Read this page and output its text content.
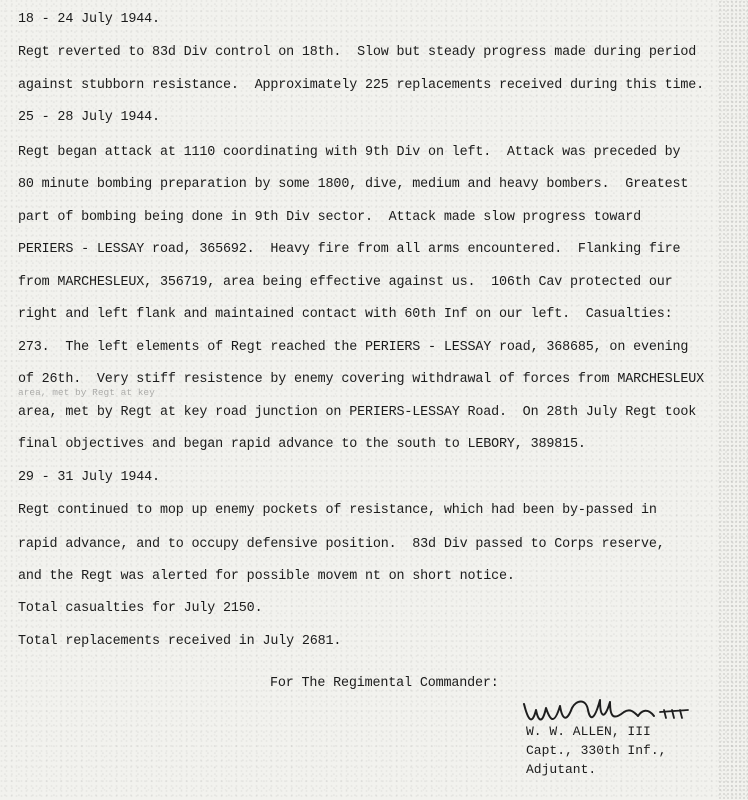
18 - 24 July 1944.
Regt reverted to 83d Div control on 18th.  Slow but steady progress made during period
against stubborn resistance.  Approximately 225 replacements received during this time.
25 - 28 July 1944.
Regt began attack at 1110 coordinating with 9th Div on left.  Attack was preceded by
80 minute bombing preparation by some 1800, dive, medium and heavy bombers.  Greatest
part of bombing being done in 9th Div sector.  Attack made slow progress toward
PERIERS - LESSAY road, 365692.  Heavy fire from all arms encountered.  Flanking fire
from MARCHESLEUX, 356719, area being effective against us.  106th Cav protected our
right and left flank and maintained contact with 60th Inf on our left.  Casualties:
273.  The left elements of Regt reached the PERIERS - LESSAY road, 368685, on evening
of 26th.  Very stiff resistence by enemy covering withdrawal of forces from MARCHESLEUX
area, met by Regt at key
area, met by Regt at key road junction on PERIERS-LESSAY Road.  On 28th July Regt took
final objectives and began rapid advance to the south to LEBORY, 389815.
29 - 31 July 1944.
Regt continued to mop up enemy pockets of resistance, which had been by-passed in
rapid advance, and to occupy defensive position.  83d Div passed to Corps reserve,
and the Regt was alerted for possible movem nt on short notice.
Total casualties for July 2150.
Total replacements received in July 2681.
For The Regimental Commander:
W. W. ALLEN, III
Capt., 330th Inf.,
Adjutant.
